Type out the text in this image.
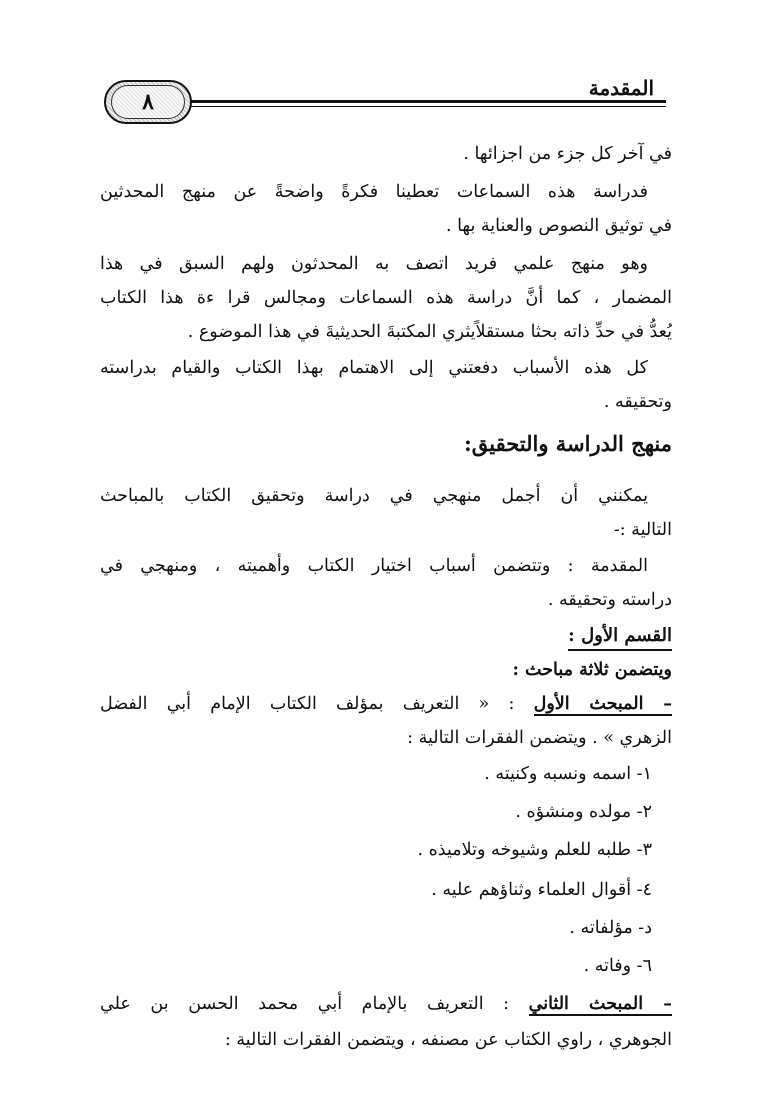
٨
المقدمة
في آخر كل جزء من اجزائها .
فدراسة هذه السماعات تعطينا فكرةً واضحةً عن منهج المحدثين
في توثيق النصوص والعناية بها .
وهو منهج علمي فريد اتصف به المحدثون ولهم السبق في هذا
المضمار ، كما أنَّ دراسة هذه السماعات ومجالس قرا ءة هذا الكتاب
يُعدُّ في حدِّ ذاته بحثا مستقلاًيثري المكتبةَ الحديثيةَ في هذا الموضوع .
كل هذه الأسباب دفعتني إلى الاهتمام بهذا الكتاب والقيام بدراسته
وتحقيقه .
منهج الدراسة والتحقيق:
يمكنني أن أجمل منهجي في دراسة وتحقيق الكتاب بالمباحث
التالية :-
المقدمة : وتتضمن أسباب اختيار الكتاب وأهميته ، ومنهجي في
دراسته وتحقيقه .
القسم الأول :
ويتضمن ثلاثة مباحث :
– المبحث الأول : « التعريف بمؤلف الكتاب الإمام أبي الفضل
الزهري » . ويتضمن الفقرات التالية :
١- اسمه ونسبه وكنيته .
٢- مولده ومنشؤه .
٣- طلبه للعلم وشيوخه وتلاميذه .
٤- أقوال العلماء وثناؤهم عليه .
د- مؤلفاته .
٦- وفاته .
– المبحث الثاني : التعريف بالإمام أبي محمد الحسن بن علي
الجوهري ، راوي الكتاب عن مصنفه ، ويتضمن الفقرات التالية :
